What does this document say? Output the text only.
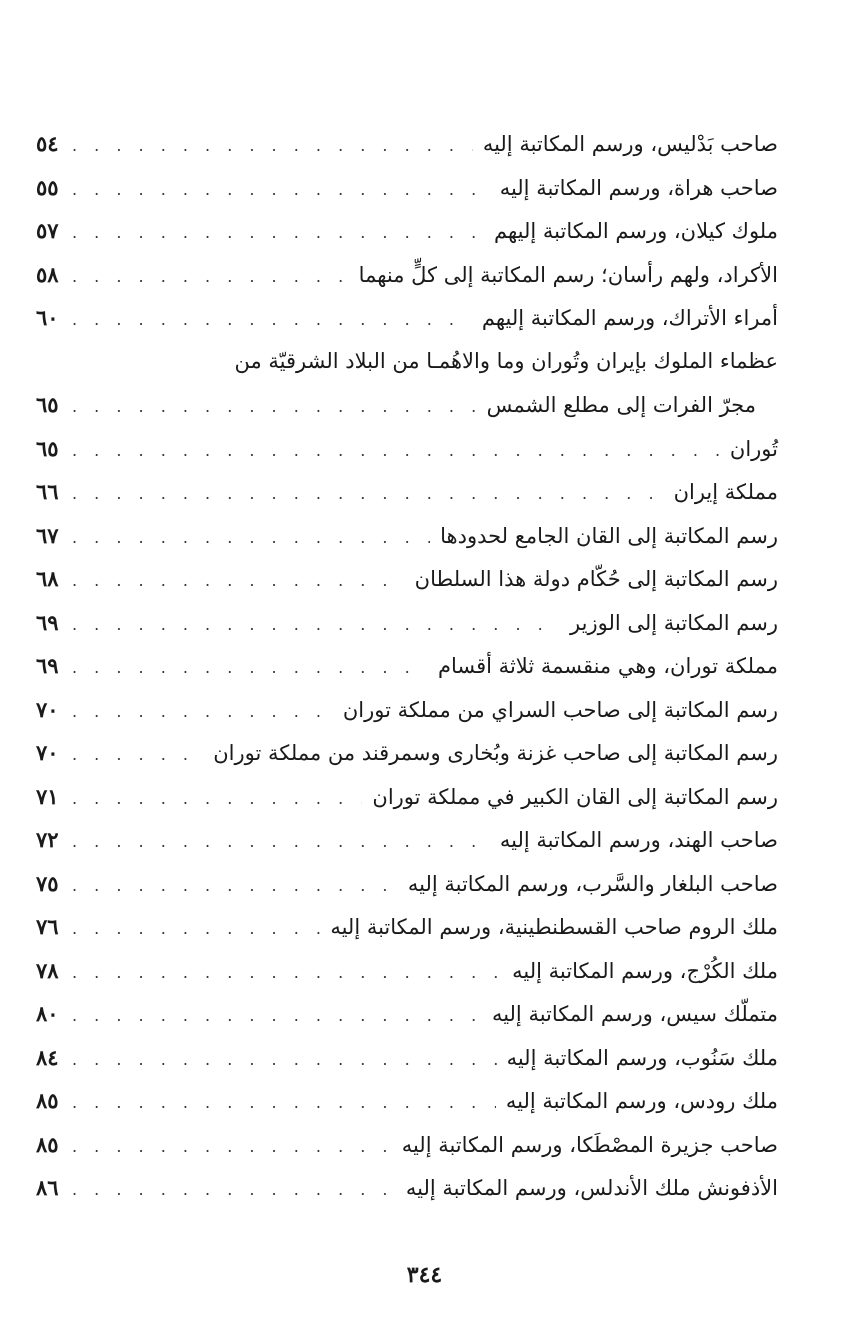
صاحب بَدْليس، ورسم المكاتبة إليه
. . .
٥٤
صاحب هراة، ورسم المكاتبة إليه
. . .
٥٥
ملوك كيلان، ورسم المكاتبة إليهم
. . .
٥٧
الأكراد، ولهم رأسان؛ رسم المكاتبة إلى كلٍّ منهما
. . .
٥٨
أمراء الأتراك، ورسم المكاتبة إليهم
. . .
٦٠
عظماء الملوك بإيران وتُوران وما والاهُمـا من البلاد الشرقيّة من
مجرّ الفرات إلى مطلع الشمس
. . .
٦٥
تُوران
. . .
٦٥
مملكة إيران
. . .
٦٦
رسم المكاتبة إلى القان الجامع لحدودها
. . .
٦٧
رسم المكاتبة إلى حُكّام دولة هذا السلطان
. . .
٦٨
رسم المكاتبة إلى الوزير
. . .
٦٩
مملكة توران، وهي منقسمة ثلاثة أقسام
. . .
٦٩
رسم المكاتبة إلى صاحب السراي من مملكة توران
. . .
٧٠
رسم المكاتبة إلى صاحب غزنة وبُخارى وسمرقند من مملكة توران
. . .
٧٠
رسم المكاتبة إلى القان الكبير في مملكة توران
. . .
٧١
صاحب الهند، ورسم المكاتبة إليه
. . .
٧٢
صاحب البلغار والسَّرب، ورسم المكاتبة إليه
. . .
٧٥
ملك الروم صاحب القسطنطينية، ورسم المكاتبة إليه
. . .
٧٦
ملك الكُرْج، ورسم المكاتبة إليه
. . .
٧٨
متملّك سيس، ورسم المكاتبة إليه
. . .
٨٠
ملك سَنُوب، ورسم المكاتبة إليه
. . .
٨٤
ملك رودس، ورسم المكاتبة إليه
. . .
٨٥
صاحب جزيرة المصْطَكا، ورسم المكاتبة إليه
. . .
٨٥
الأذفونش ملك الأندلس، ورسم المكاتبة إليه
. . .
٨٦
٣٤٤
